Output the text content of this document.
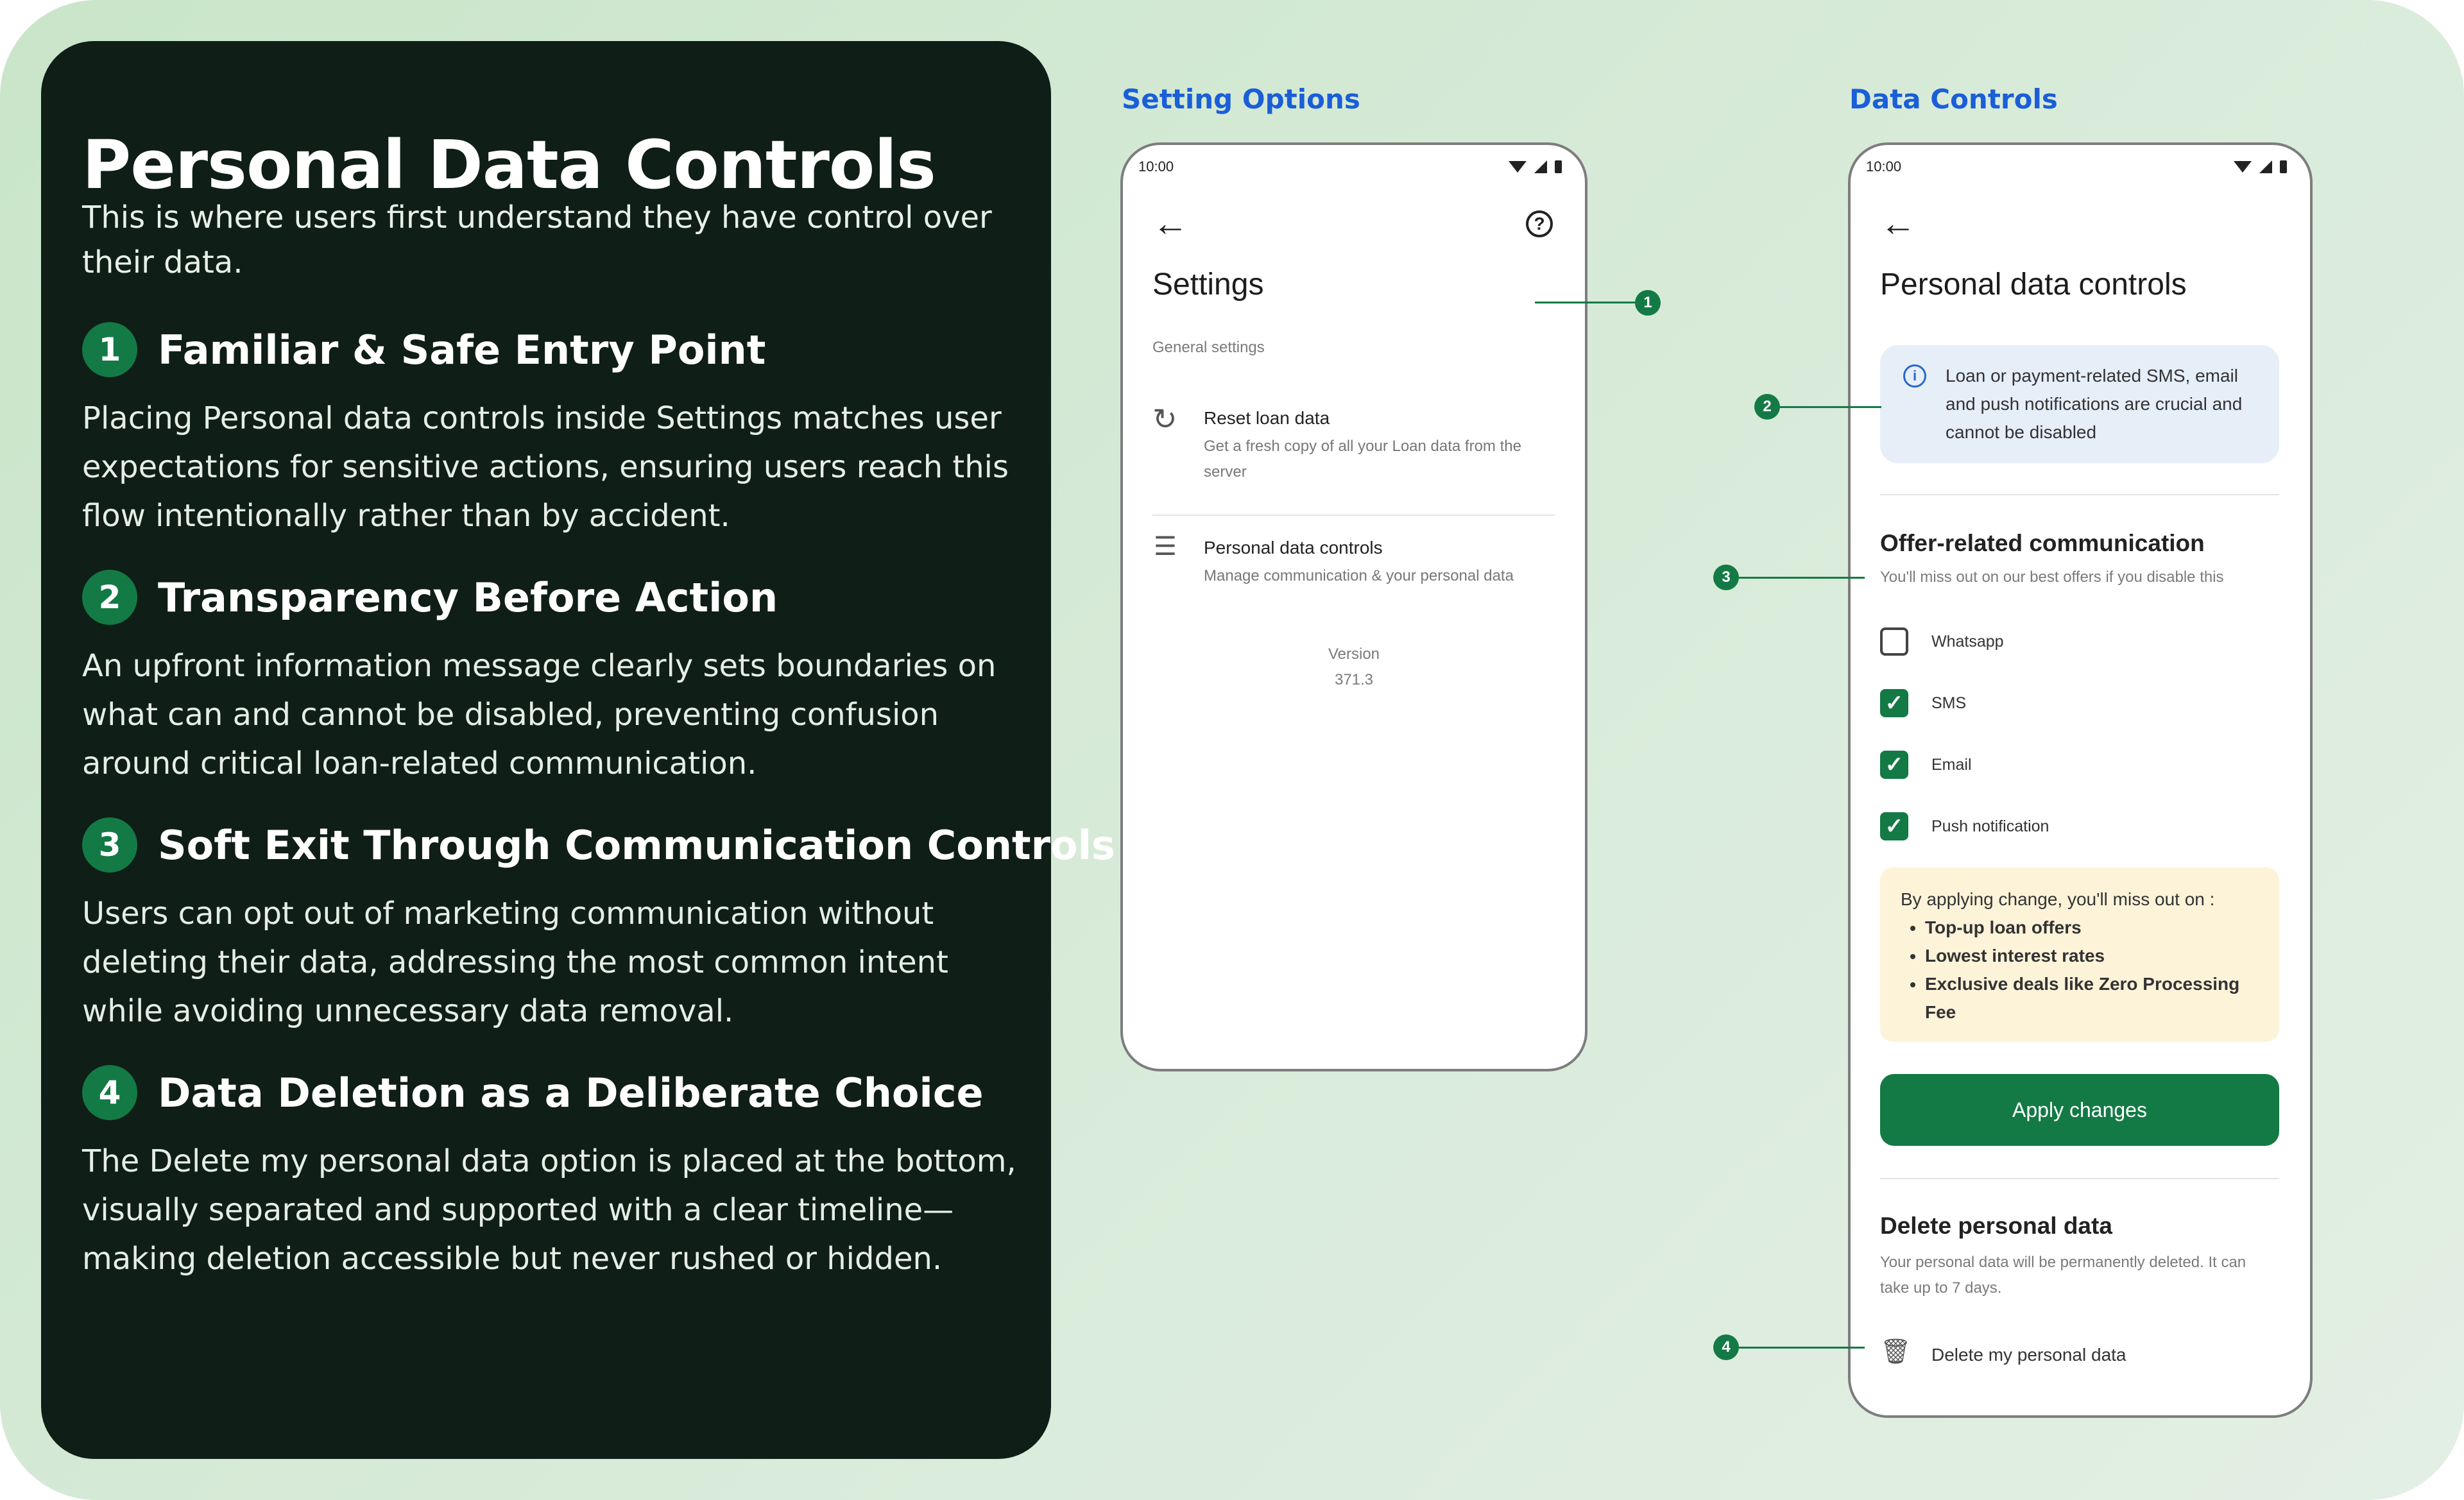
Personal Data Controls

This is where users first understand they have control over their data.

1 Familiar & Safe Entry Point
Placing Personal data controls inside Settings matches user expectations for sensitive actions, ensuring users reach this flow intentionally rather than by accident.
2 Transparency Before Action
An upfront information message clearly sets boundaries on what can and cannot be disabled, preventing confusion around critical loan-related communication.
3 Soft Exit Through Communication Controls
Users can opt out of marketing communication without deleting their data, addressing the most common intent while avoiding unnecessary data removal.
4 Data Deletion as a Deliberate Choice
The Delete my personal data option is placed at the bottom, visually separated and supported with a clear timeline—making deletion accessible but never rushed or hidden.
Setting Options	Data Controls
10:00
←	?
Settings
General settings
↻ Reset loan data
Get a fresh copy of all your Loan data from the server
☰ Personal data controls
Manage communication & your personal data
Version
371.3
10:00
←
Personal data controls
i	Loan or payment-related SMS, email and push notifications are crucial and cannot be disabled
Offer-related communication
You'll miss out on our best offers if you disable this
Whatsapp
✓	SMS
✓	Email
✓	Push notification
By applying change, you'll miss out on :
• Top-up loan offers
• Lowest interest rates
• Exclusive deals like Zero Processing Fee
Apply changes
Delete personal data
Your personal data will be permanently deleted. It can take up to 7 days.
🗑 Delete my personal data
1
2
3
4
